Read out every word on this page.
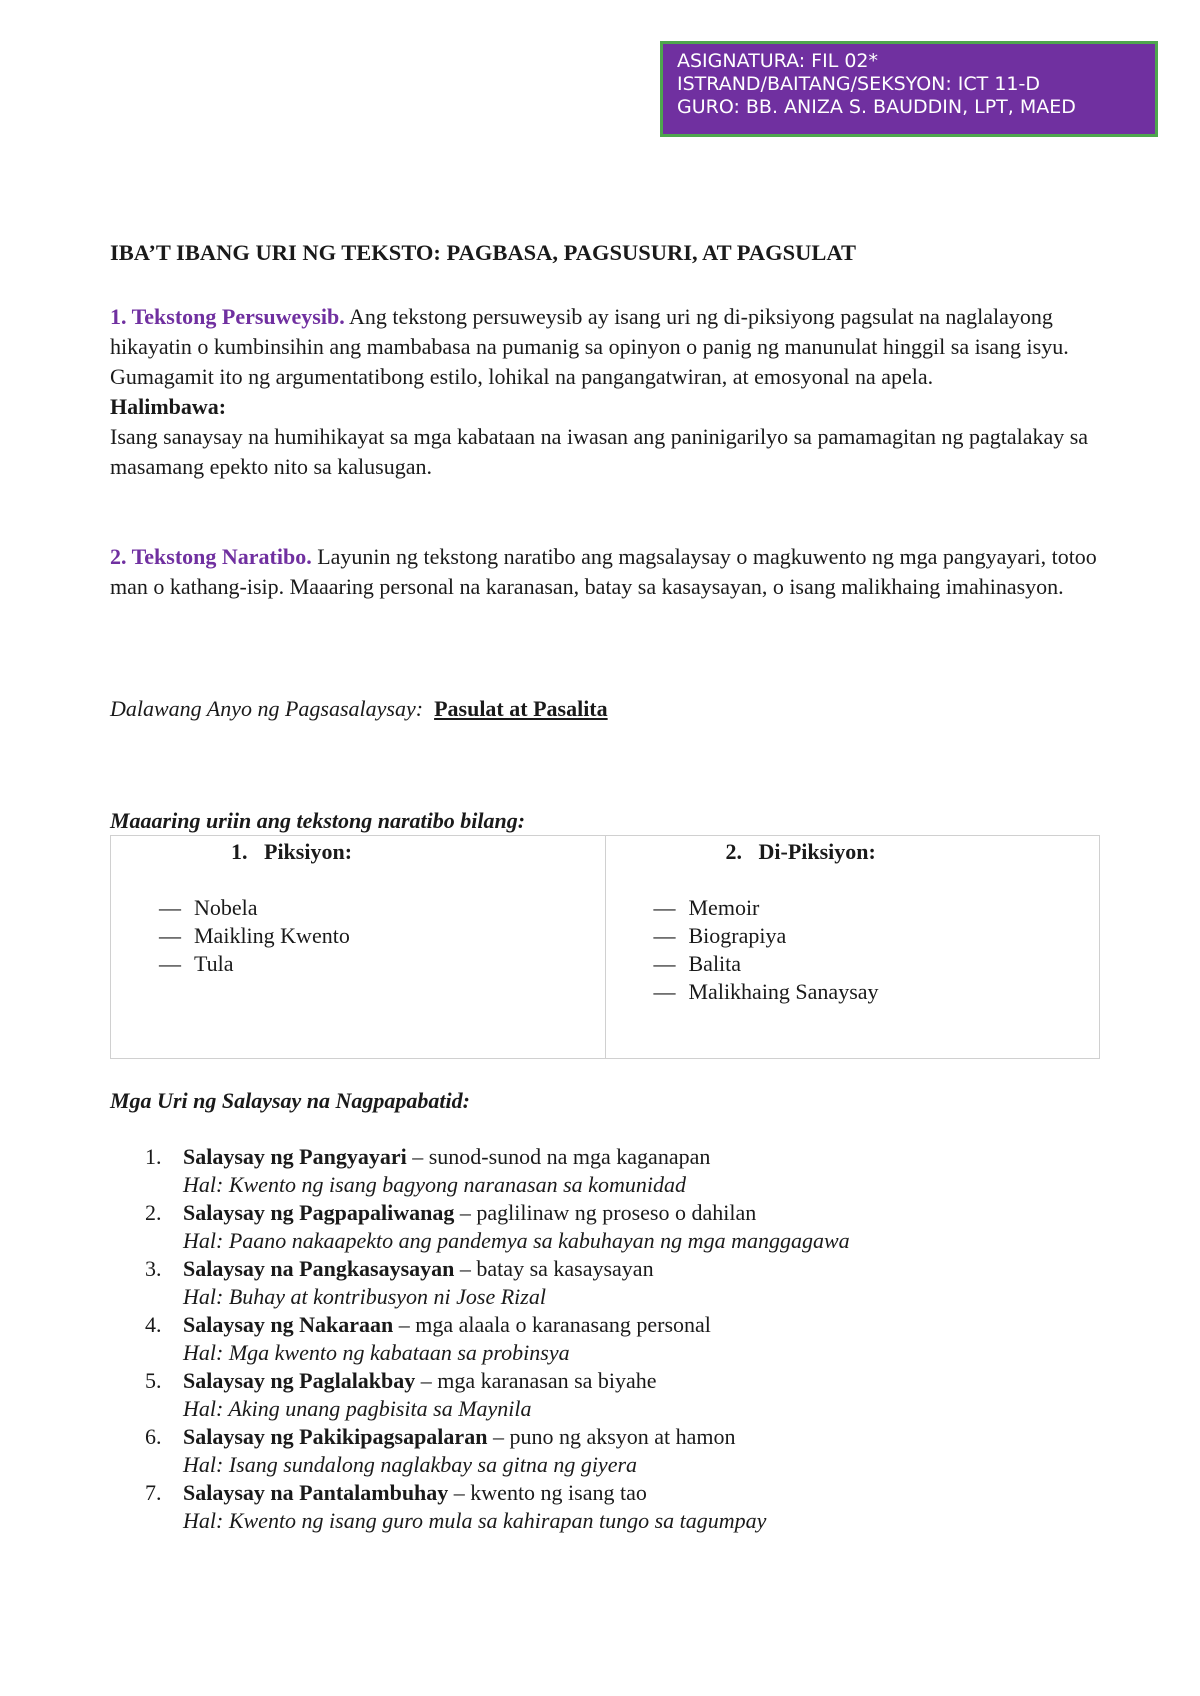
ASIGNATURA: FIL 02*
ISTRAND/BAITANG/SEKSYON: ICT 11-D
GURO: BB. ANIZA S. BAUDDIN, LPT, MAED
IBA’T IBANG URI NG TEKSTO: PAGBASA, PAGSUSURI, AT PAGSULAT
1. Tekstong Persuweysib. Ang tekstong persuweysib ay isang uri ng di-piksiyong pagsulat na naglalayong hikayatin o kumbinsihin ang mambabasa na pumanig sa opinyon o panig ng manunulat hinggil sa isang isyu. Gumagamit ito ng argumentatibong estilo, lohikal na pangangatwiran, at emosyonal na apela.
Halimbawa:
Isang sanaysay na humihikayat sa mga kabataan na iwasan ang paninigarilyo sa pamamagitan ng pagtalakay sa masamang epekto nito sa kalusugan.
2. Tekstong Naratibo. Layunin ng tekstong naratibo ang magsalaysay o magkuwento ng mga pangyayari, totoo man o kathang-isip. Maaaring personal na karanasan, batay sa kasaysayan, o isang malikhaing imahinasyon.
Dalawang Anyo ng Pagsasalaysay: Pasulat at Pasalita
Maaaring uriin ang tekstong naratibo bilang:
1. Piksiyon:
— Nobela
— Maikling Kwento
— Tula

2. Di-Piksiyon:
— Memoir
— Biograpiya
— Balita
— Malikhaing Sanaysay
Mga Uri ng Salaysay na Nagpapabatid:
1. Salaysay ng Pangyayari – sunod-sunod na mga kaganapan
Hal: Kwento ng isang bagyong naranasan sa komunidad
2. Salaysay ng Pagpapaliwanag – paglilinaw ng proseso o dahilan
Hal: Paano nakaapekto ang pandemya sa kabuhayan ng mga manggagawa
3. Salaysay na Pangkasaysayan – batay sa kasaysayan
Hal: Buhay at kontribusyon ni Jose Rizal
4. Salaysay ng Nakaraan – mga alaala o karanasang personal
Hal: Mga kwento ng kabataan sa probinsya
5. Salaysay ng Paglalakbay – mga karanasan sa biyahe
Hal: Aking unang pagbisita sa Maynila
6. Salaysay ng Pakikipagsapalaran – puno ng aksyon at hamon
Hal: Isang sundalong naglakbay sa gitna ng giyera
7. Salaysay na Pantalambuhay – kwento ng isang tao
Hal: Kwento ng isang guro mula sa kahirapan tungo sa tagumpay
